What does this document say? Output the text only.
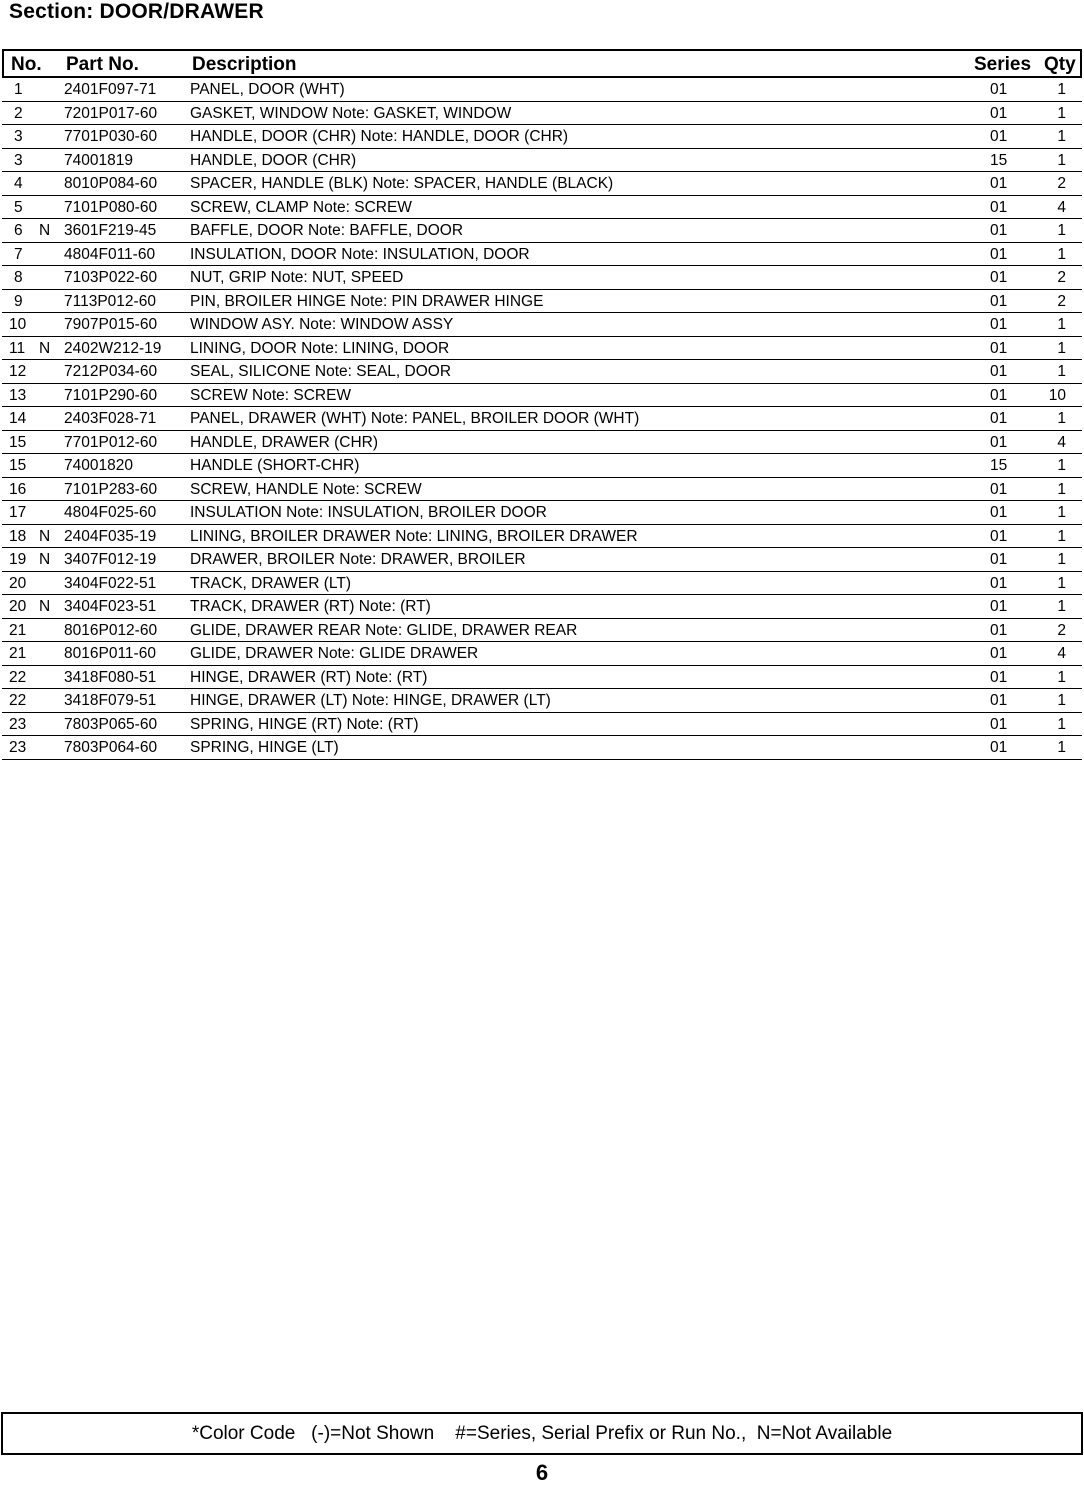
Section: DOOR/DRAWER
No. Part No.	Description	Series Qty
1	2401F097-71 PANEL, DOOR (WHT)	01	1
2	7201P017-60 GASKET, WINDOW Note: GASKET, WINDOW	01	1
3	7701P030-60 HANDLE, DOOR (CHR) Note: HANDLE, DOOR (CHR)	01	1
3	74001819	HANDLE, DOOR (CHR)	15	1
4	8010P084-60 SPACER, HANDLE (BLK) Note: SPACER, HANDLE (BLACK)	01	2
5	7101P080-60 SCREW, CLAMP Note: SCREW	01	4
6 N 3601F219-45 BAFFLE, DOOR Note: BAFFLE, DOOR	01	1
7	4804F011-60 INSULATION, DOOR Note: INSULATION, DOOR	01	1
8	7103P022-60 NUT, GRIP Note: NUT, SPEED	01	2
9	7113P012-60 PIN, BROILER HINGE Note: PIN DRAWER HINGE	01	2
10 7907P015-60 WINDOW ASY. Note: WINDOW ASSY	01	1
11 N 2402W212-19 LINING, DOOR Note: LINING, DOOR	01	1
12 7212P034-60 SEAL, SILICONE Note: SEAL, DOOR	01	1
13 7101P290-60 SCREW Note: SCREW	01	10
14 2403F028-71 PANEL, DRAWER (WHT) Note: PANEL, BROILER DOOR (WHT)	01	1
15 7701P012-60 HANDLE, DRAWER (CHR)	01	4
15 74001820	HANDLE (SHORT-CHR)	15	1
16 7101P283-60 SCREW, HANDLE Note: SCREW	01	1
17 4804F025-60 INSULATION Note: INSULATION, BROILER DOOR	01	1
18 N 2404F035-19 LINING, BROILER DRAWER Note: LINING, BROILER DRAWER	01	1
19 N 3407F012-19 DRAWER, BROILER Note: DRAWER, BROILER	01	1
20 3404F022-51 TRACK, DRAWER (LT)	01	1
20 N 3404F023-51 TRACK, DRAWER (RT) Note: (RT)	01	1
21 8016P012-60 GLIDE, DRAWER REAR Note: GLIDE, DRAWER REAR	01	2
21 8016P011-60 GLIDE, DRAWER Note: GLIDE DRAWER	01	4
22 3418F080-51 HINGE, DRAWER (RT) Note: (RT)	01	1
22 3418F079-51 HINGE, DRAWER (LT) Note: HINGE, DRAWER (LT)	01	1
23 7803P065-60 SPRING, HINGE (RT) Note: (RT)	01	1
23 7803P064-60 SPRING, HINGE (LT)	01	1
*Color Code   (-)=Not Shown    #=Series, Serial Prefix or Run No.,  N=Not Available
6
